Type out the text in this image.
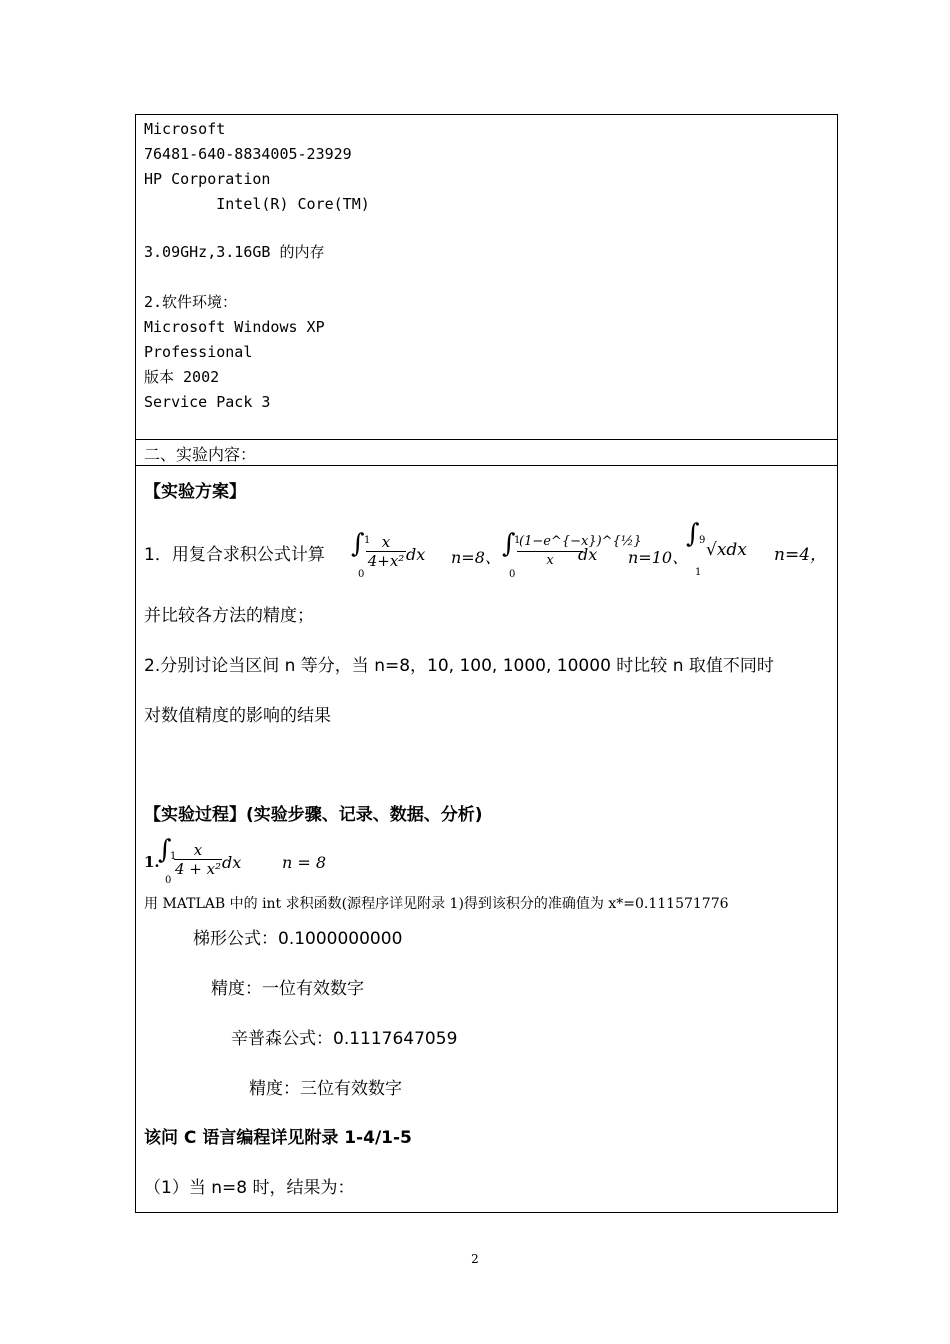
Microsoft
76481-640-8834005-23929
HP Corporation
Intel(R) Core(TM)
3.09GHz,3.16GB 的内存
2.软件环境：
Microsoft Windows XP
Professional
版本 2002
Service Pack 3
二、实验内容：
【实验方案】
1．用复合求积公式计算 ∫ 1
0
$\frac{x}{\text{4+x²}}$ dx n=8、 ∫
1
0
$\frac{\text{(1−e\textasciicircum{}\{−x\})\textasciicircum{}\{½\}}}{x}$
dx n=10、
∫ 9
1
√xdx n=4，
并比较各方法的精度；
2.分别讨论当区间 n 等分，当 n=8，10, 100, 1000, 10000 时比较 n 取值不同时
对数值精度的影响的结果
【实验过程】(实验步骤、记录、数据、分析)
1.
∫
1
0
$\frac{x}{\text{4 + x²}}$ dx	n = 8
用 MATLAB 中的 int 求积函数(源程序详见附录 1)得到该积分的准确值为 x*=0.111571776
梯形公式：0.1000000000
精度：一位有效数字
辛普森公式：0.1117647059
精度：三位有效数字
该问 C 语言编程详见附录 1-4/1-5
（1）当 n=8 时，结果为：
2
